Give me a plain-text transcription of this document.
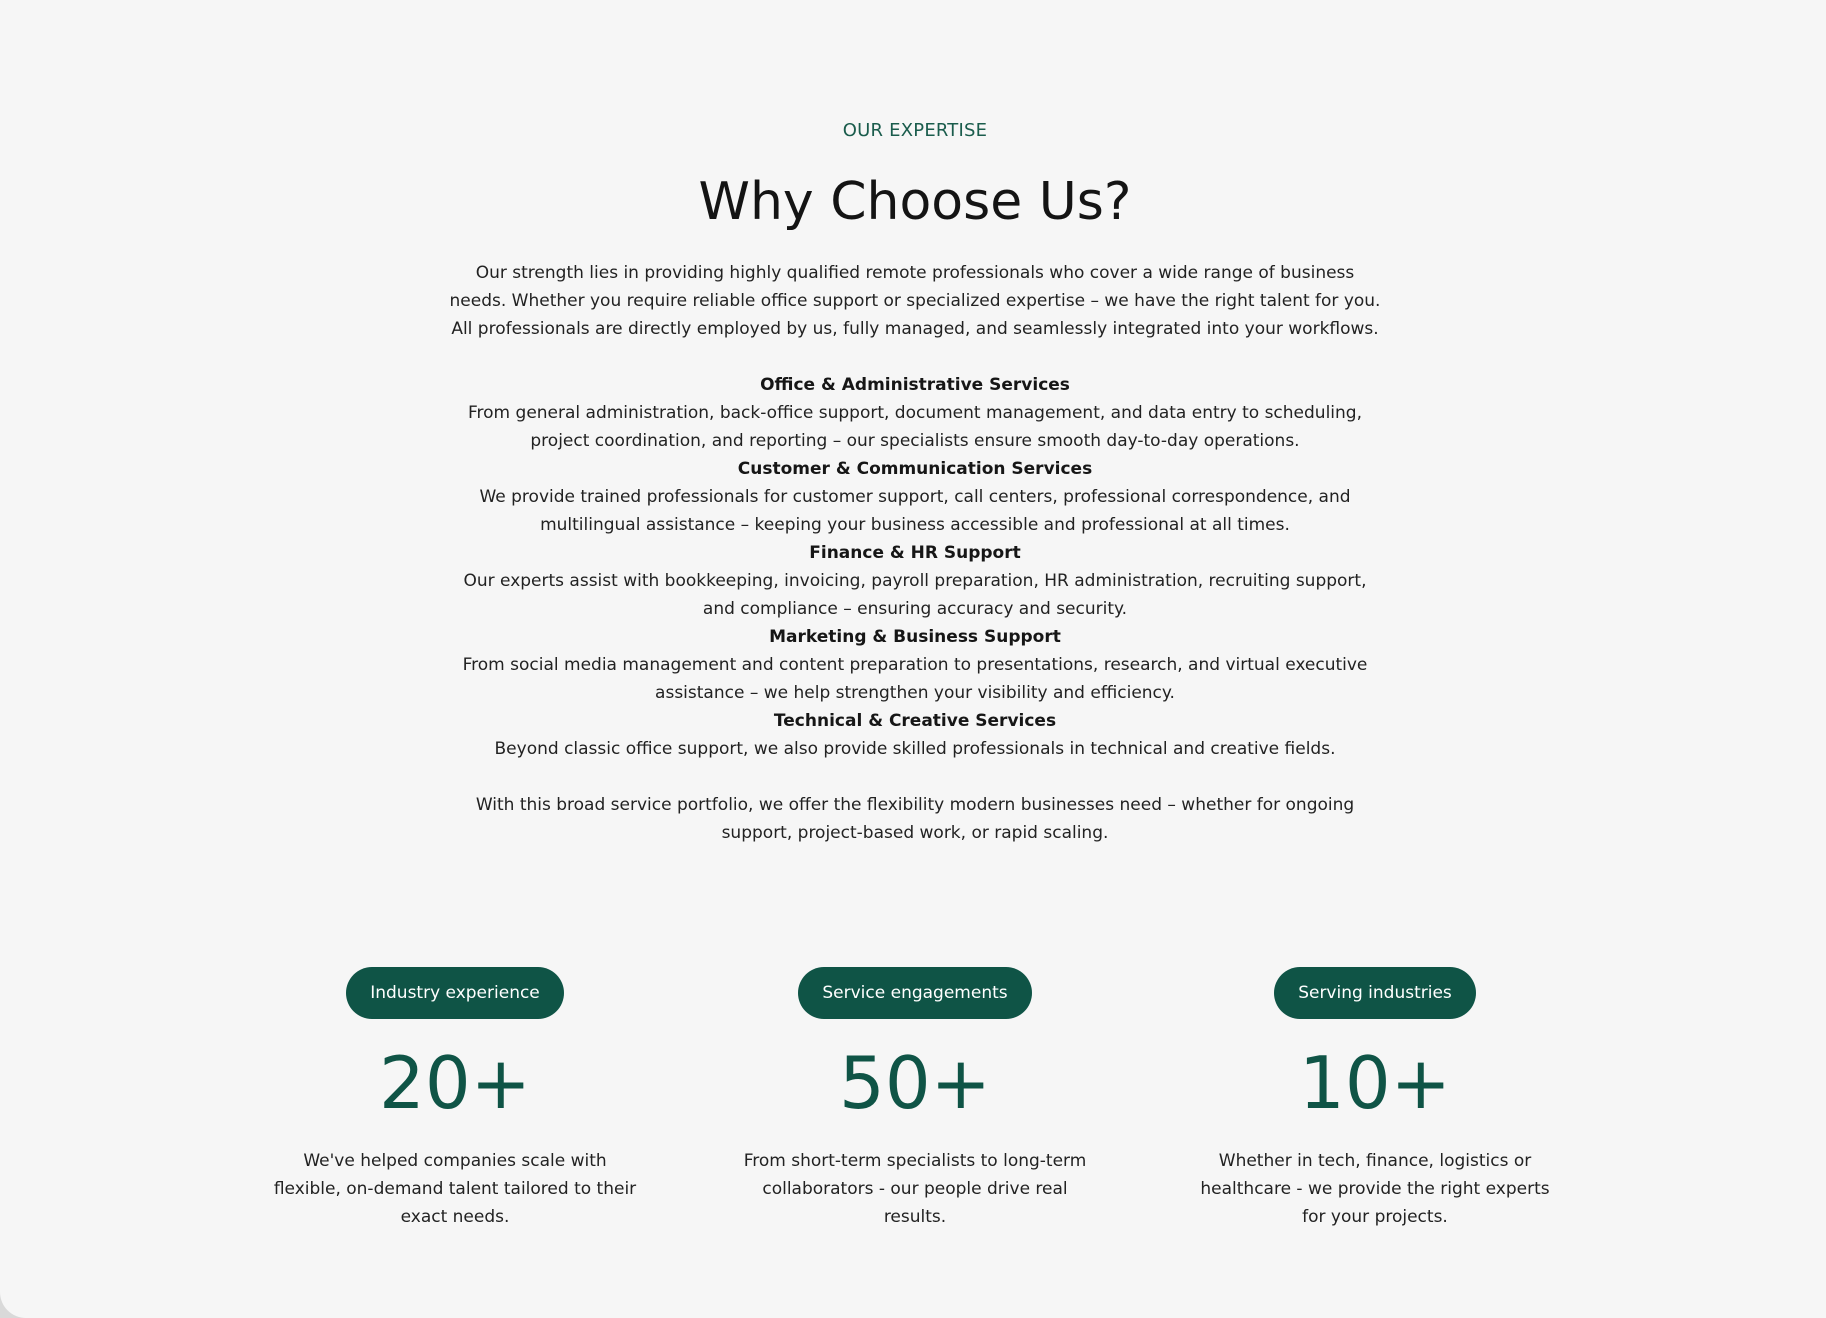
OUR EXPERTISE
Why Choose Us?

Our strength lies in providing highly qualified remote professionals who cover a wide range of business needs. Whether you require reliable office support or specialized expertise – we have the right talent for you. All professionals are directly employed by us, fully managed, and seamlessly integrated into your workflows.

Office & Administrative Services

From general administration, back-office support, document management, and data entry to scheduling, project coordination, and reporting – our specialists ensure smooth day-to-day operations.

Customer & Communication Services

We provide trained professionals for customer support, call centers, professional correspondence, and multilingual assistance – keeping your business accessible and professional at all times.

Finance & HR Support

Our experts assist with bookkeeping, invoicing, payroll preparation, HR administration, recruiting support, and compliance – ensuring accuracy and security.

Marketing & Business Support

From social media management and content preparation to presentations, research, and virtual executive assistance – we help strengthen your visibility and efficiency.

Technical & Creative Services

Beyond classic office support, we also provide skilled professionals in technical and creative fields.

With this broad service portfolio, we offer the flexibility modern businesses need – whether for ongoing support, project-based work, or rapid scaling.

Industry experience
20+
We've helped companies scale with flexible, on-demand talent tailored to their exact needs.
Service engagements
50+
From short-term specialists to long-term collaborators - our people drive real results.
Serving industries
10+
Whether in tech, finance, logistics or healthcare - we provide the right experts for your projects.
